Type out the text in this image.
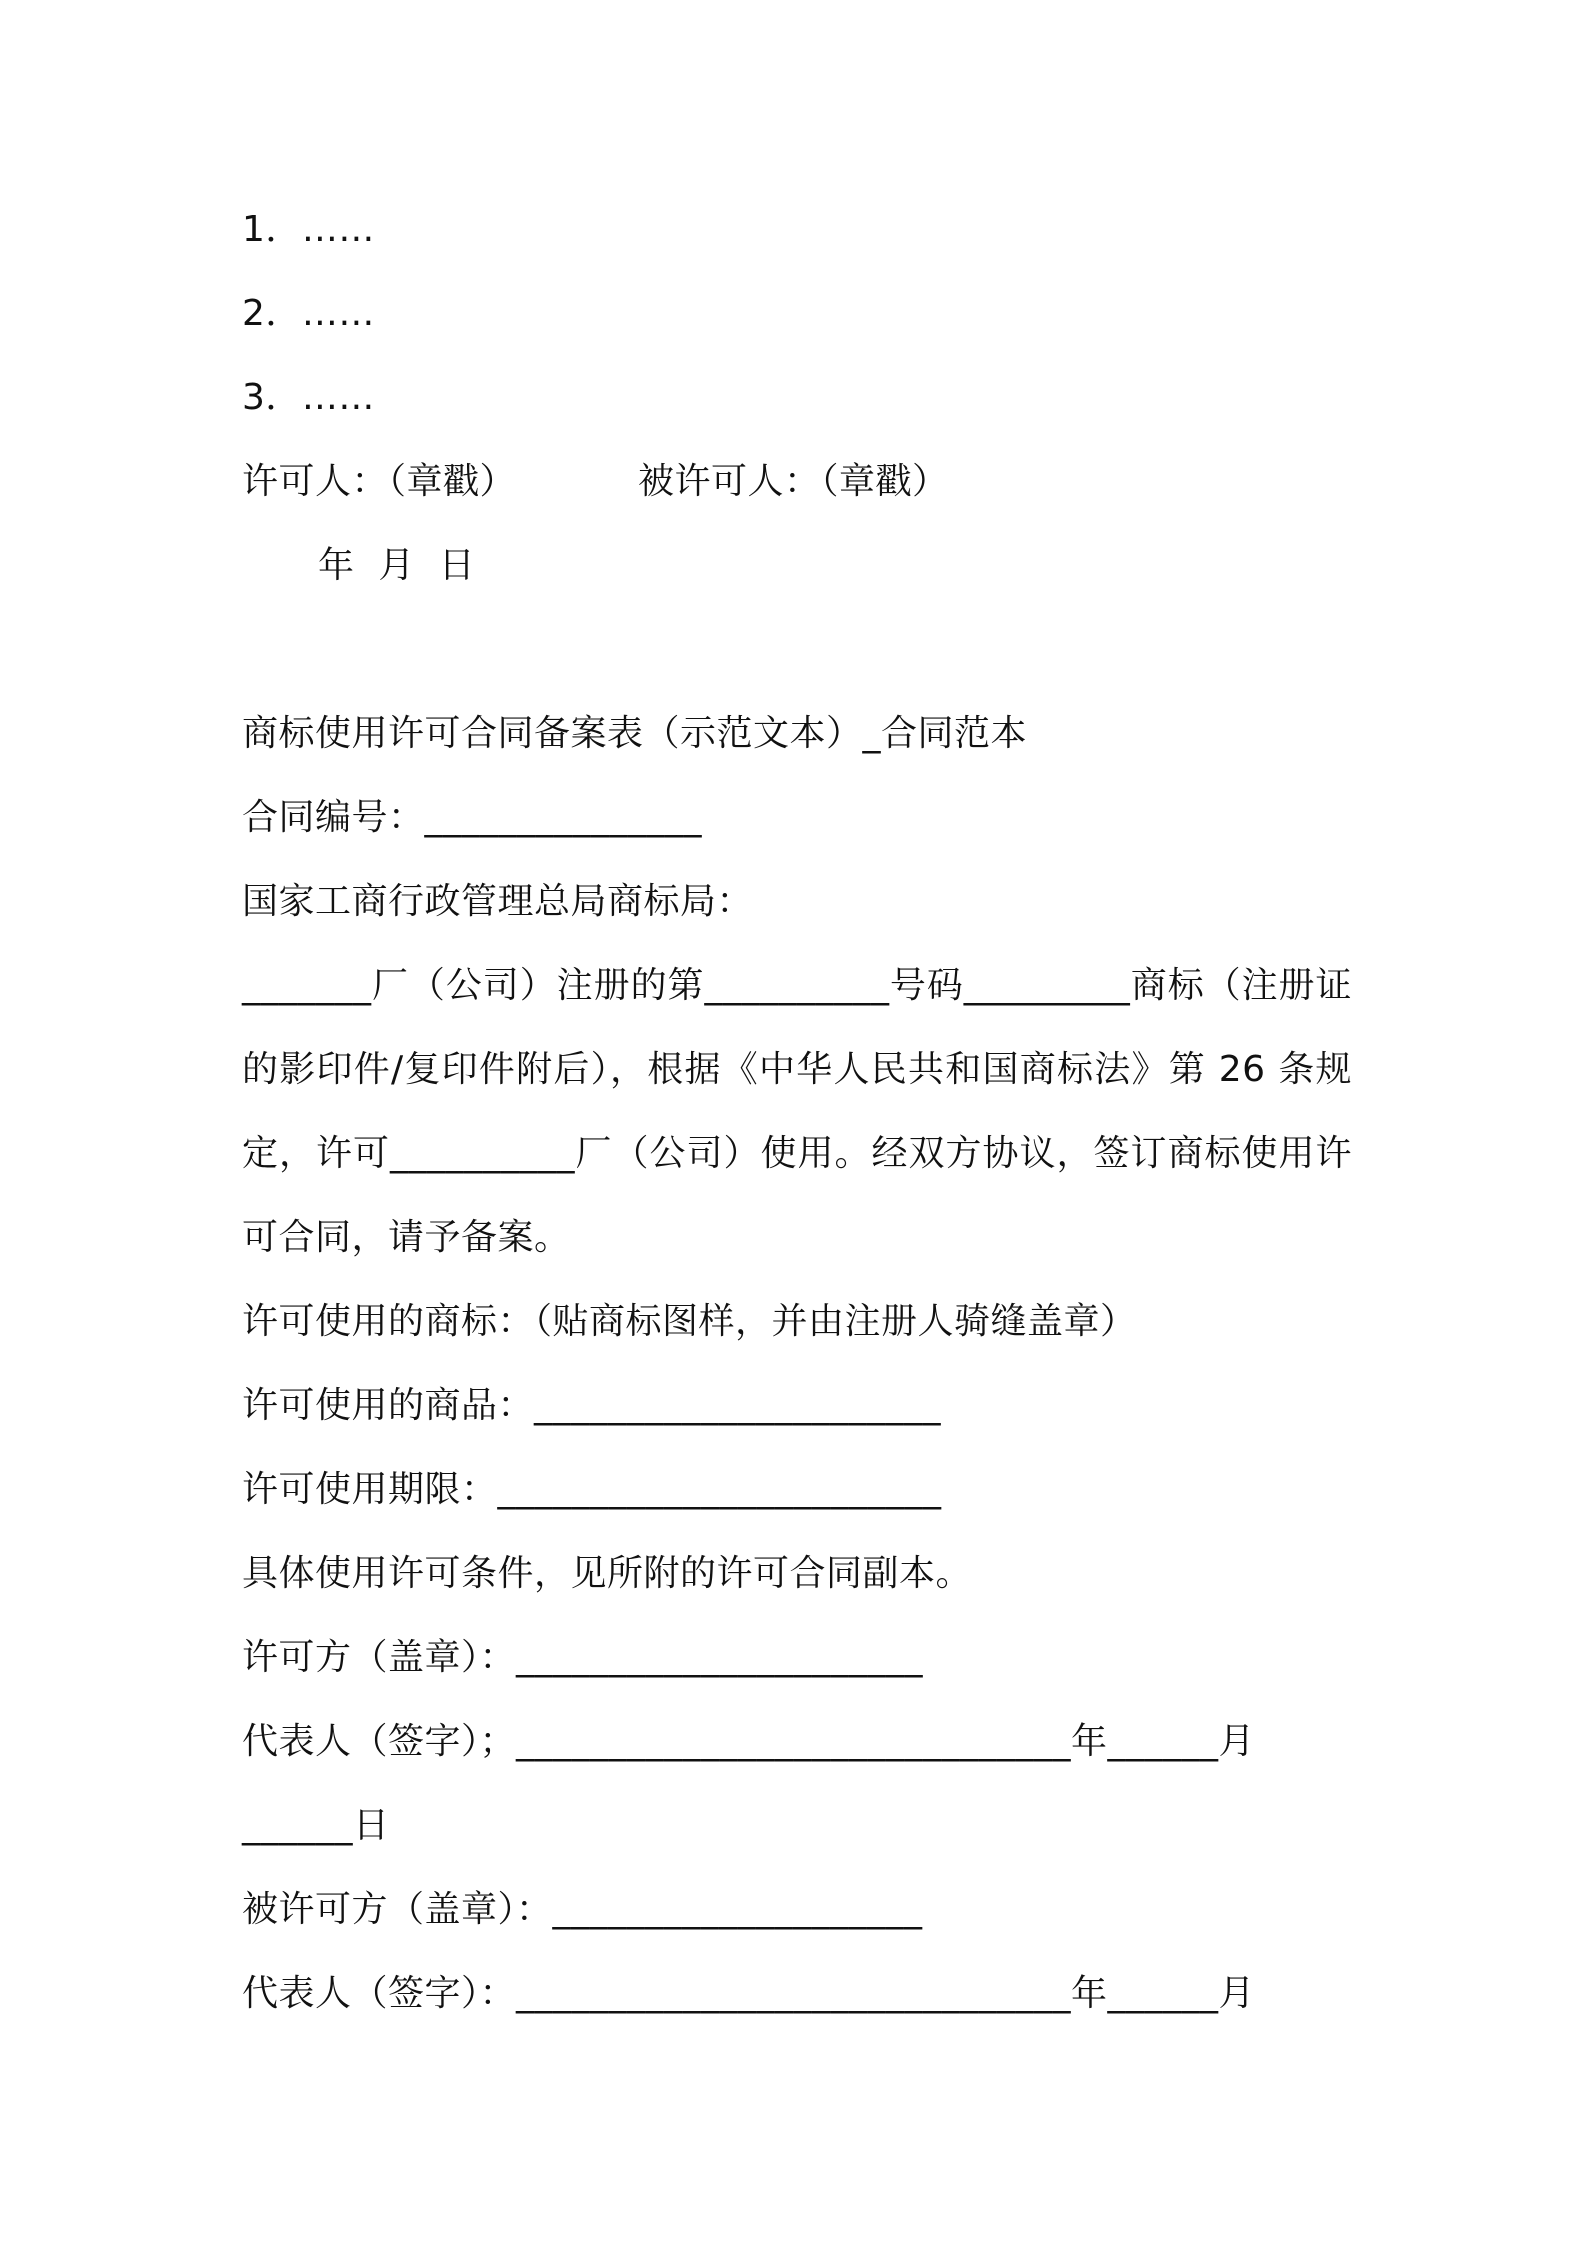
1．……
2．……
3．……
许可人：（章戳）	被许可人：（章戳）
年  月  日
商标使用许可合同备案表（示范文本）_合同范本
合同编号：_______________
国家工商行政管理总局商标局：
_______厂（公司）注册的第__________号码_________商标（注册证的影印件/复印件附后），根据《中华人民共和国商标法》第 26 条规定，许可__________厂（公司）使用。经双方协议，签订商标使用许可合同，请予备案。
许可使用的商标：（贴商标图样，并由注册人骑缝盖章）
许可使用的商品：______________________
许可使用期限：________________________
具体使用许可条件，见所附的许可合同副本。
许可方（盖章）：______________________
代表人（签字）；______________________________年______月
______日
被许可方（盖章）：____________________
代表人（签字）：______________________________年______月
